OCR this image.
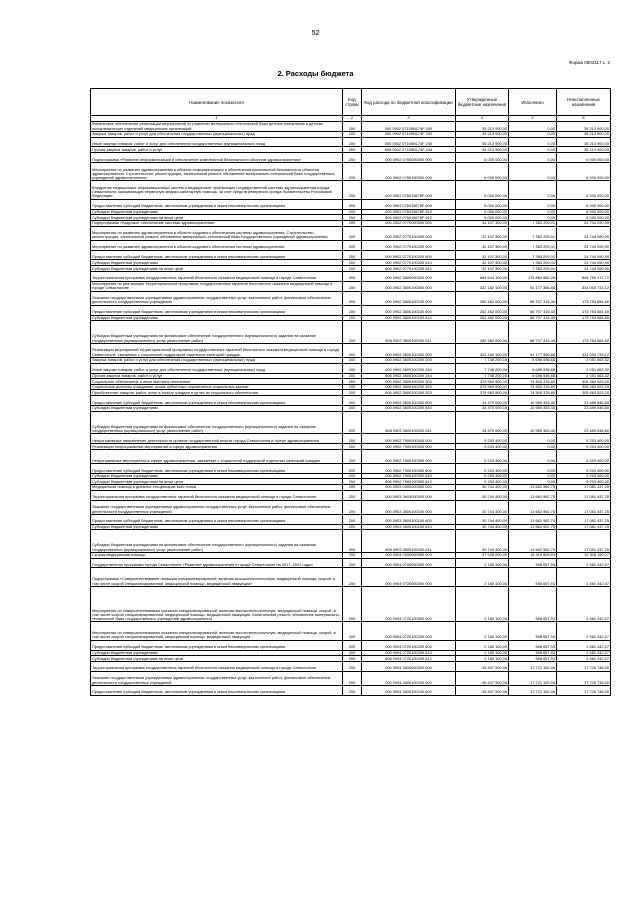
52
Форма 0503117 с. 2
2. Расходы бюджета
Наименование показателя	Код строки	Код расхода по бюджетной классификации	Утвержденные бюджетные назначения	Исполнено	Неисполненные назначения
1	2	3	4	5	6
Финансовое обеспечение реализации мероприятий по развитию материально-технической базы детских поликлиник и детских поликлинических отделений медицинских организаций	200	000 0902 07105N174F 000	35 213 900,00	0,00	35 213 900,00
Закупка товаров, работ и услуг для обеспечения государственных (муниципальных) нужд	200	000 0902 07105N174F 200	35 213 900,00	0,00	35 213 900,00
Иные закупки товаров, работ и услуг для обеспечения государственных (муниципальных) нужд	200	000 0902 07105N174F 240	35 213 900,00	0,00	35 213 900,00
Прочая закупка товаров, работ и услуг	200	806 0902 07105N174F 244	35 213 900,00	0,00	35 213 900,00
Подпрограмма «Развитие информатизации и обеспечение комплексной безопасности объектов здравоохранения»	200	000 0902 0760000000 000	6 000 000,00	0,00	6 000 000,00
Мероприятия по развитию здравоохранения в области информатизации и обеспечения комплексной безопасности объектов здравоохранения. Строительство, реконструкция, капитальный ремонт, обновление материально-технической базы государственных учреждений здравоохранения	200	000 0902 0760100000 000	6 000 000,00	0,00	6 000 000,00
Внедрение медицинских информационных систем в медицинские организации государственной системы здравоохранения города Севастополя, оказывающую первичную медико-санитарную помощь, за счет средств резервного фонда Правительства Российской Федерации	200	000 0902 076015678F 000	6 000 000,00	0,00	6 000 000,00
Предоставление субсидий бюджетным, автономным учреждениям и иным некоммерческим организациям	200	000 0902 076015678F 600	6 000 000,00	0,00	6 000 000,00
Субсидии бюджетным учреждениям	200	000 0902 076015678F 610	6 000 000,00	0,00	6 000 000,00
Субсидии бюджетным учреждениям на иные цели	200	806 0902 076015678F 612	6 000 000,00	0,00	6 000 000,00
Подпрограмма «Кадровое обеспечение системы здравоохранения»	200	000 0902 0770000000 000	32 107 300,00	7 363 209,01	24 744 090,99
Мероприятия по развитию здравоохранения в области кадрового обеспечения системы здравоохранения. Строительство, реконструкция, капитальный ремонт, обновление материально-технической базы государственных учреждений здравоохранения	200	000 0902 0770100000 000	32 107 300,00	7 363 209,01	24 744 090,99
Мероприятия по развитию здравоохранения в области кадрового обеспечения системы здравоохранения	200	000 0902 0770100200 000	32 107 300,00	7 363 209,01	24 744 090,99
Предоставление субсидий бюджетным, автономным учреждениям и иным некоммерческим организациям	200	000 0902 0770100200 600	32 107 300,00	7 363 209,01	24 744 090,99
Субсидии бюджетным учреждениям	200	000 0902 0770100200 610	32 107 300,00	7 363 209,01	24 744 090,99
Субсидии бюджетным учреждениям на иные цели	200	806 0902 0770100200 612	32 107 300,00	7 363 209,01	24 744 090,99
Территориальная программа государственных гарантий бесплатного оказания медицинской помощи в городе Севастополе	200	000 0902 3600000000 000	684 644 100,00	179 884 682,28	504 759 417,72
Мероприятия по реализации Территориальной программы государственных гарантий бесплатного оказания медицинской помощи в городе Севастополе	200	000 0902 3600100000 000	422 182 100,00	91 177 366,88	331 004 733,12
Оказание государственными учреждениями здравоохранения государственных услуг, выполнение работ, финансовое обеспечение деятельности государственных учреждений	200	000 0902 3600100100 000	262 462 000,00	88 707 315,40	173 754 684,60
Предоставление субсидий бюджетным, автономным учреждениям и иным некоммерческим организациям	200	000 0902 3600100100 600	262 462 000,00	88 707 315,40	173 754 684,60
Субсидии бюджетным учреждениям	200	000 0902 3600100100 610	262 462 000,00	88 707 315,40	173 754 684,60
Субсидии бюджетным учреждениям на финансовое обеспечение государственного (муниципального) задания на оказание государственных (муниципальных) услуг (выполнение работ)	200	806 0902 3600100100 611	262 462 000,00	88 707 315,40	173 754 684,60
Реализация мероприятий территориальной программы государственных гарантий бесплатного оказания медицинской помощи в городе Севастополе, связанных с социальной поддержкой отдельных категорий граждан	200	000 0902 3600100200 000	422 182 100,00	91 177 366,88	331 004 733,12
Закупка товаров, работ и услуг для обеспечения государственных (муниципальных) нужд	200	000 0902 3600100200 200	7 748 200,00	5 696 536,68	2 051 663,32
Иные закупки товаров, работ и услуг для обеспечения государственных (муниципальных) нужд	200	000 0902 3600100200 240	7 748 200,00	5 696 536,68	2 051 663,32
Прочая закупка товаров, работ и услуг	200	806 0902 3600100200 244	7 748 200,00	5 696 536,68	2 051 663,32
Социальное обеспечение и иные выплаты населению	200	000 0902 3600100200 300	379 963 900,00	74 500 376,80	305 463 523,20
Социальные выплаты гражданам, кроме публичных нормативных социальных выплат	200	000 0902 3600100200 320	379 963 900,00	74 500 376,80	305 463 523,20
Приобретение товаров, работ, услуг в пользу граждан в целях их социального обеспечения	200	806 0902 3600100200 323	379 963 900,00	74 500 376,80	305 463 523,20
Предоставление субсидий бюджетным, автономным учреждениям и иным некоммерческим организациям	200	000 0902 3600100200 600	34 470 000,00	10 980 453,40	23 489 546,60
Субсидии бюджетным учреждениям	200	000 0902 3600100200 610	34 470 000,00	10 980 453,40	23 489 546,60
Субсидии бюджетным учреждениям на финансовое обеспечение государственного (муниципального) задания на оказание государственных (муниципальных) услуг (выполнение работ)	200	806 0902 3600100200 611	34 470 000,00	10 980 453,40	23 489 546,60
Непрограммные направления деятельности органов государственной власти города Севастополя в сфере здравоохранения	200	000 0902 7900000000 000	9 203 400,00	0,00	9 203 400,00
Реализация непрограммных мероприятий в сфере здравоохранения	200	000 0902 7900100000 000	9 203 400,00	0,00	9 203 400,00
Непрограммные мероприятия в сфере здравоохранения, связанные с социальной поддержкой отдельных категорий граждан	200	000 0902 7900100300 000	9 203 400,00	0,00	9 203 400,00
Предоставление субсидий бюджетным, автономным учреждениям и иным некоммерческим организациям	200	000 0902 7900100300 600	9 203 400,00	0,00	9 203 400,00
Субсидии бюджетным учреждениям	200	000 0902 7900100300 610	9 203 400,00	0,00	9 203 400,00
Субсидии бюджетным учреждениям на иные цели	200	806 0902 7900100300 612	9 203 400,00	0,00	9 203 400,00
Медицинская помощь в дневных стационарах всех типов	200	000 0903 0000000000 000	30 744 400,00	13 662 962,75	17 081 437,25
Территориальная программа государственных гарантий бесплатного оказания медицинской помощи в городе Севастополе	200	000 0903 3600000000 000	30 744 400,00	13 662 962,75	17 081 437,25
Оказание государственными учреждениями здравоохранения государственных услуг, выполнение работ, финансовое обеспечение деятельности государственных учреждений	200	000 0903 3600100100 000	30 744 400,00	13 662 962,75	17 081 437,25
Предоставление субсидий бюджетным, автономным учреждениям и иным некоммерческим организациям	200	000 0903 3600100100 600	30 744 400,00	13 662 962,75	17 081 437,25
Субсидии бюджетным учреждениям	200	000 0903 3600100100 610	30 744 400,00	13 662 962,75	17 081 437,25
Субсидии бюджетным учреждениям на финансовое обеспечение государственного (муниципального) задания на оказание государственных (муниципальных) услуг (выполнение работ)	200	806 0903 3600100100 611	30 744 400,00	13 662 962,75	17 081 437,25
Скорая медицинская помощь	200	000 0904 0000000000 000	37 628 000,00	18 319 809,93	19 308 190,07
Государственная программа города Севастополя «Развитие здравоохранения в городе Севастополе на 2017–2022 годы»	200	000 0904 0700000000 000	2 180 100,00	598 657,93	1 581 442,07
Подпрограмма «Совершенствование оказания специализированной, включая высокотехнологичную, медицинской помощи, скорой, в том числе скорой специализированной, медицинской помощи, медицинской эвакуации»	200	000 0904 0720000000 000	2 180 100,00	598 657,93	1 581 442,07
Мероприятия по совершенствованию оказания специализированной, включая высокотехнологичную, медицинской помощи, скорой, в том числе скорой специализированной, медицинской помощи, медицинской эвакуации. Капитальный ремонт, обновление материально-технической базы государственных учреждений здравоохранения	200	000 0904 0720100000 000	2 180 100,00	598 657,93	1 581 442,07
Мероприятия по совершенствованию оказания специализированной, включая высокотехнологичную, медицинской помощи, скорой, в том числе скорой специализированной, медицинской помощи, медицинской эвакуации	200	000 0904 0720100200 000	2 180 100,00	598 657,93	1 581 442,07
Предоставление субсидий бюджетным, автономным учреждениям и иным некоммерческим организациям	200	000 0904 0720100200 600	2 180 100,00	598 657,93	1 581 442,07
Субсидии бюджетным учреждениям	200	000 0904 0720100200 610	2 180 100,00	598 657,93	1 581 442,07
Субсидии бюджетным учреждениям на иные цели	200	806 0904 0720100200 612	2 180 100,00	598 657,93	1 581 442,07
Территориальная программа государственных гарантий бесплатного оказания медицинской помощи в городе Севастополе	200	000 0904 3600000000 000	35 447 900,00	17 721 152,00	17 726 748,00
Оказание государственными учреждениями здравоохранения государственных услуг, выполнение работ, финансовое обеспечение деятельности государственных учреждений	200	000 0904 3600100100 000	35 447 900,00	17 721 152,00	17 726 748,00
Предоставление субсидий бюджетным, автономным учреждениям и иным некоммерческим организациям	200	000 0904 3600100100 600	35 447 900,00	17 721 152,00	17 726 748,00
